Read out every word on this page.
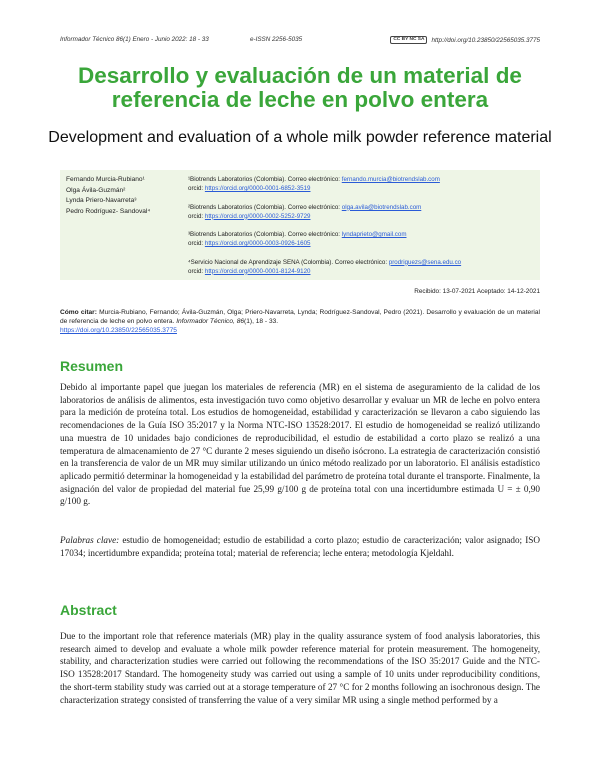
Informador Técnico 86(1) Enero - Junio 2022: 18 - 33	e-ISSN 2256-5035	CC BY NC SA	http://doi.org/10.23850/22565035.3775
Desarrollo y evaluación de un material de referencia de leche en polvo entera
Development and evaluation of a whole milk powder reference material
Fernando Murcia-Rubiano¹
Olga Ávila-Guzmán²
Lynda Priero-Navarreta³
Pedro Rodríguez- Sandoval⁴
¹Biotrends Laboratorios (Colombia). Correo electrónico: fernando.murcia@biotrendslab.com
orcid: https://orcid.org/0000-0001-6852-3519
²Biotrends Laboratorios (Colombia). Correo electrónico: olga.avila@biotrendslab.com
orcid: https://orcid.org/0000-0002-5252-9729
³Biotrends Laboratorios (Colombia). Correo electrónico: lyndaprieto@gmail.com
orcid: https://orcid.org/0000-0003-0926-1605
⁴Servicio Nacional de Aprendizaje SENA (Colombia). Correo electrónico: prodriguezs@sena.edu.co
orcid: https://orcid.org/0000-0001-8124-9120
Recibido: 13-07-2021 Aceptado: 14-12-2021
Cómo citar: Murcia-Rubiano, Fernando; Ávila-Guzmán, Olga; Priero-Navarreta, Lynda; Rodríguez-Sandoval, Pedro (2021). Desarrollo y evaluación de un material de referencia de leche en polvo entera. Informador Técnico, 86(1), 18 - 33.
https://doi.org/10.23850/22565035.3775
Resumen
Debido al importante papel que juegan los materiales de referencia (MR) en el sistema de aseguramiento de la calidad de los laboratorios de análisis de alimentos, esta investigación tuvo como objetivo desarrollar y evaluar un MR de leche en polvo entera para la medición de proteína total. Los estudios de homogeneidad, estabilidad y caracterización se llevaron a cabo siguiendo las recomendaciones de la Guía ISO 35:2017 y la Norma NTC-ISO 13528:2017. El estudio de homogeneidad se realizó utilizando una muestra de 10 unidades bajo condiciones de reproducibilidad, el estudio de estabilidad a corto plazo se realizó a una temperatura de almacenamiento de 27 °C durante 2 meses siguiendo un diseño isócrono. La estrategia de caracterización consistió en la transferencia de valor de un MR muy similar utilizando un único método realizado por un laboratorio. El análisis estadístico aplicado permitió determinar la homogeneidad y la estabilidad del parámetro de proteína total durante el transporte. Finalmente, la asignación del valor de propiedad del material fue 25,99 g/100 g de proteína total con una incertidumbre estimada U = ± 0,90 g/100 g.
Palabras clave: estudio de homogeneidad; estudio de estabilidad a corto plazo; estudio de caracterización; valor asignado; ISO 17034; incertidumbre expandida; proteína total; material de referencia; leche entera; metodología Kjeldahl.
Abstract
Due to the important role that reference materials (MR) play in the quality assurance system of food analysis laboratories, this research aimed to develop and evaluate a whole milk powder reference material for protein measurement. The homogeneity, stability, and characterization studies were carried out following the recommendations of the ISO 35:2017 Guide and the NTC-ISO 13528:2017 Standard. The homogeneity study was carried out using a sample of 10 units under reproducibility conditions, the short-term stability study was carried out at a storage temperature of 27 °C for 2 months following an isochronous design. The characterization strategy consisted of transferring the value of a very similar MR using a single method performed by a
